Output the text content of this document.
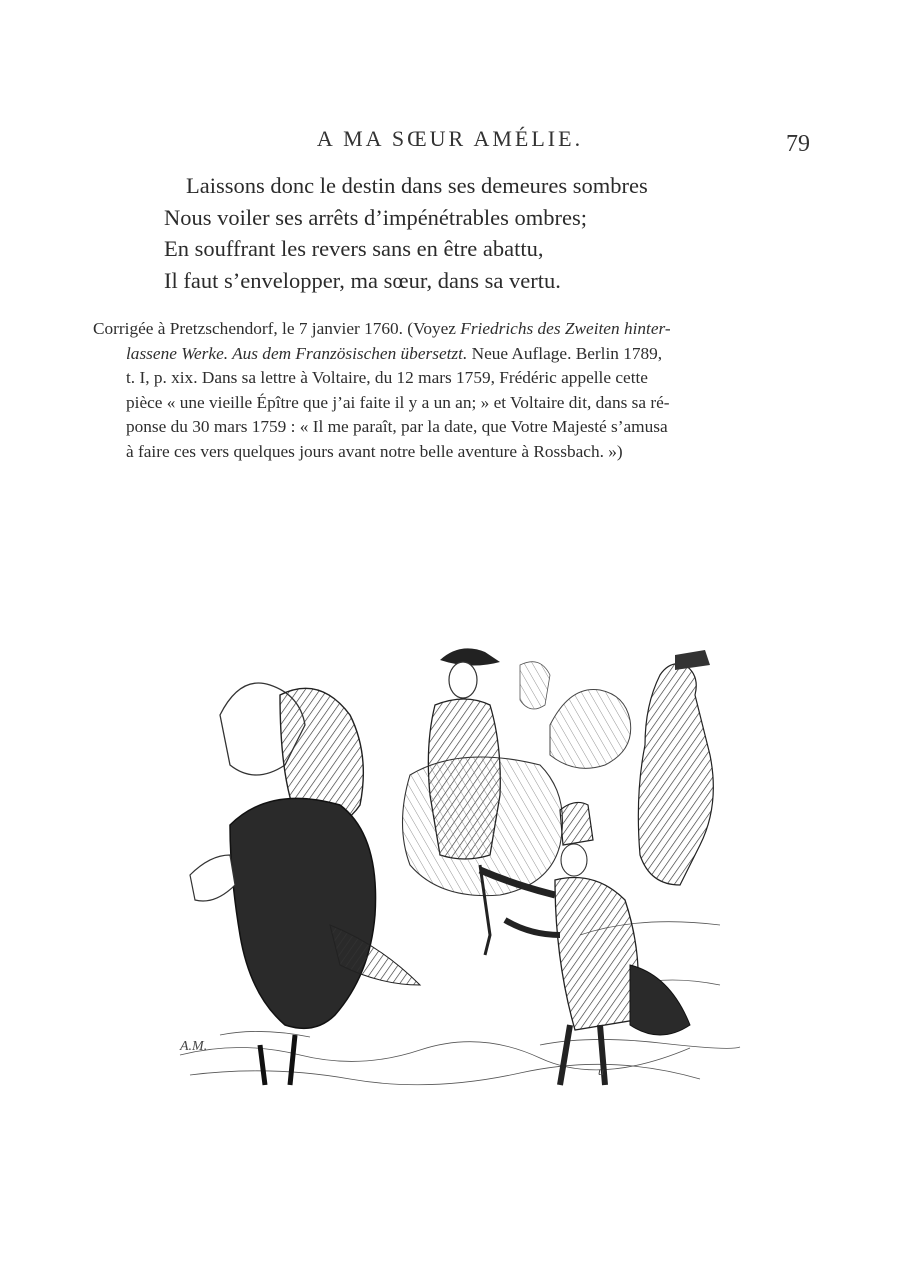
A MA SŒUR AMÉLIE.	79
Laissons donc le destin dans ses demeures sombres
Nous voiler ses arrêts d’impénétrables ombres;
En souffrant les revers sans en être abattu,
Il faut s’envelopper, ma sœur, dans sa vertu.
Corrigée à Pretzschendorf, le 7 janvier 1760. (Voyez Friedrichs des Zweiten hinter-
lassene Werke. Aus dem Französischen übersetzt. Neue Auflage. Berlin 1789,
t. I, p. xix. Dans sa lettre à Voltaire, du 12 mars 1759, Frédéric appelle cette
pièce « une vieille Épître que j’ai faite il y a un an; » et Voltaire dit, dans sa ré-
ponse du 30 mars 1759 : « Il me paraît, par la date, que Votre Majesté s’amusa
à faire ces vers quelques jours avant notre belle aventure à Rossbach. »)
A.M.
u
